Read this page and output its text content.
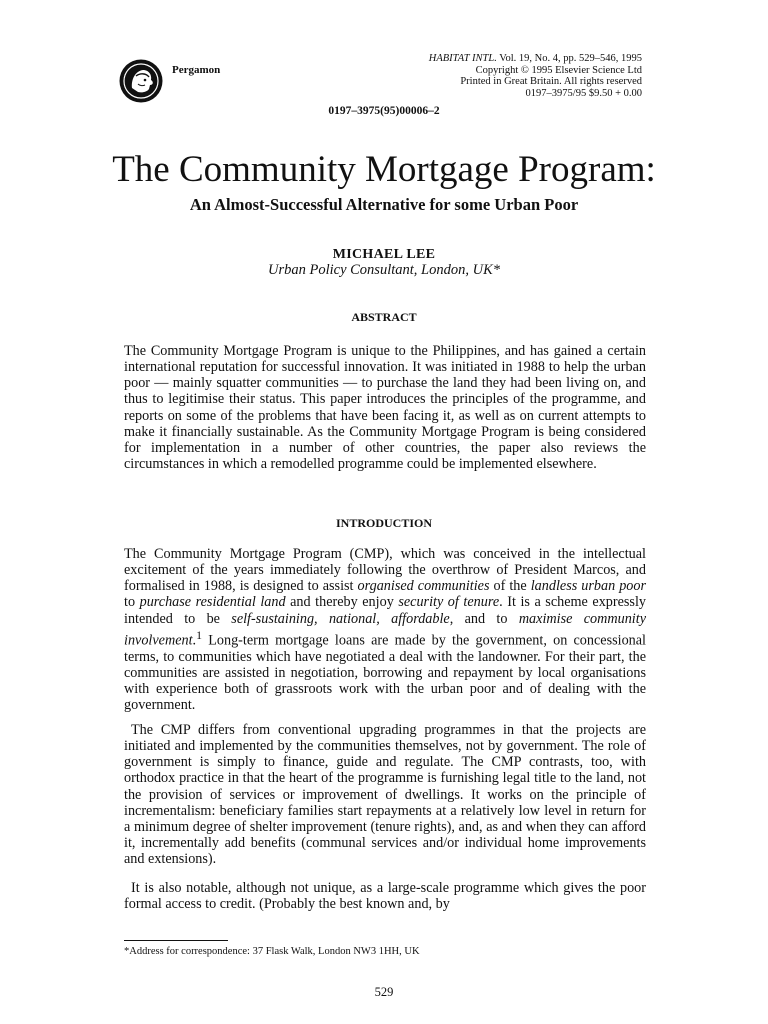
Pergamon
HABITAT INTL. Vol. 19, No. 4, pp. 529–546, 1995
Copyright © 1995 Elsevier Science Ltd
Printed in Great Britain. All rights reserved
0197–3975/95 $9.50 + 0.00
0197–3975(95)00006–2
The Community Mortgage Program:
An Almost-Successful Alternative for some Urban Poor
MICHAEL LEE
Urban Policy Consultant, London, UK*
ABSTRACT

The Community Mortgage Program is unique to the Philippines, and has gained a certain international reputation for successful innovation. It was initiated in 1988 to help the urban poor — mainly squatter communities — to purchase the land they had been living on, and thus to legitimise their status. This paper introduces the principles of the programme, and reports on some of the problems that have been facing it, as well as on current attempts to make it financially sustainable. As the Community Mortgage Program is being considered for implementation in a number of other countries, the paper also reviews the circumstances in which a remodelled programme could be implemented elsewhere.

INTRODUCTION

The Community Mortgage Program (CMP), which was conceived in the intellectual excitement of the years immediately following the overthrow of President Marcos, and formalised in 1988, is designed to assist organised communities of the landless urban poor to purchase residential land and thereby enjoy security of tenure. It is a scheme expressly intended to be self-sustaining, national, affordable, and to maximise community involvement.$^1$ Long-term mortgage loans are made by the government, on concessional terms, to communities which have negotiated a deal with the landowner. For their part, the communities are assisted in negotiation, borrowing and repayment by local organisations with experience both of grassroots work with the urban poor and of dealing with the government.

The CMP differs from conventional upgrading programmes in that the projects are initiated and implemented by the communities themselves, not by government. The role of government is simply to finance, guide and regulate. The CMP contrasts, too, with orthodox practice in that the heart of the programme is furnishing legal title to the land, not the provision of services or improvement of dwellings. It works on the principle of incrementalism: beneficiary families start repayments at a relatively low level in return for a minimum degree of shelter improvement (tenure rights), and, as and when they can afford it, incrementally add benefits (communal services and/or individual home improvements and extensions).

It is also notable, although not unique, as a large-scale programme which gives the poor formal access to credit. (Probably the best known and, by

*Address for correspondence: 37 Flask Walk, London NW3 1HH, UK
529
